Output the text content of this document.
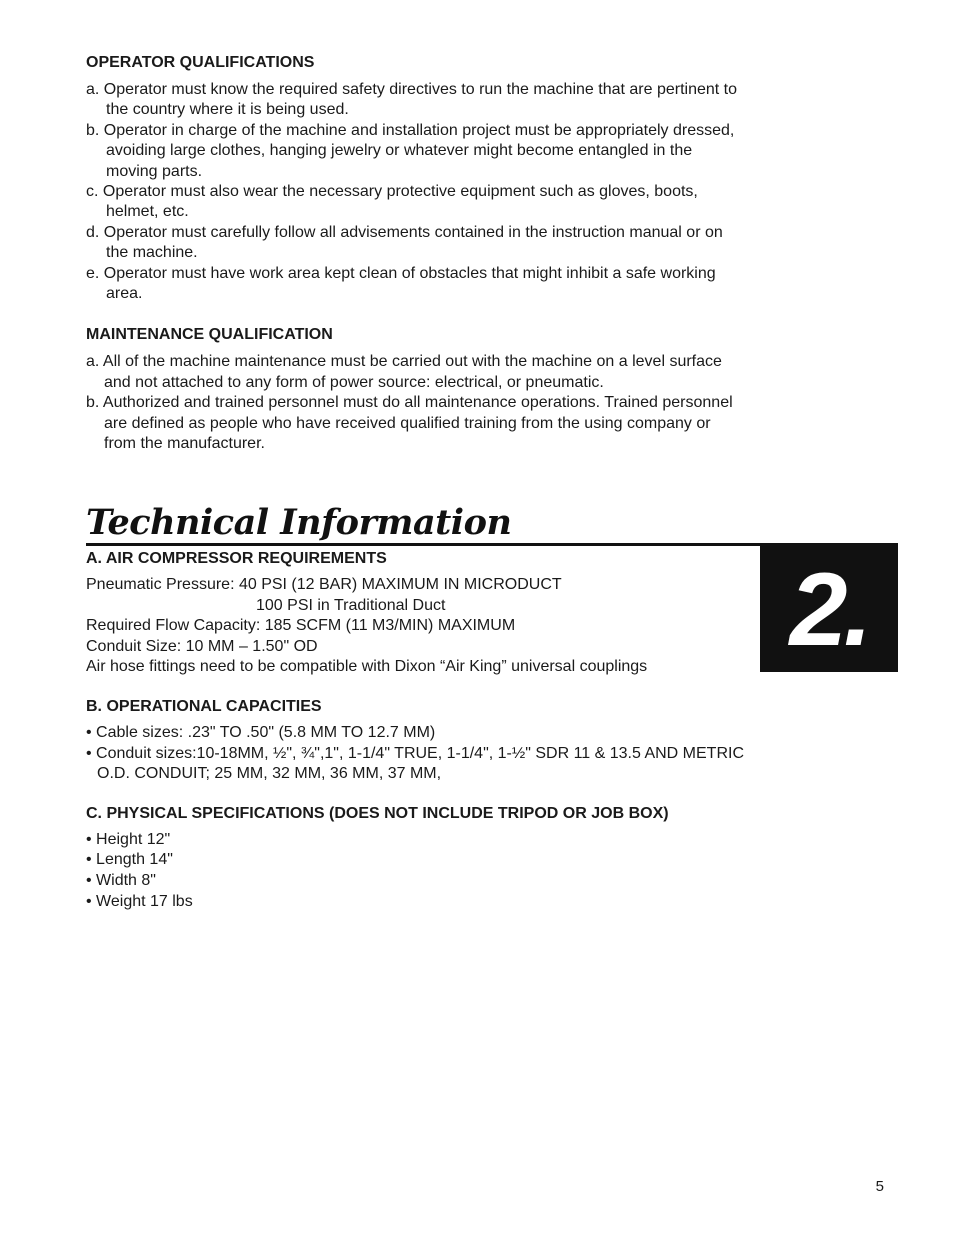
OPERATOR QUALIFICATIONS
a. Operator must know the required safety directives to run the machine that are pertinent to the country where it is being used.
b. Operator in charge of the machine and installation project must be appropriately dressed, avoiding large clothes, hanging jewelry or whatever might become entangled in the moving parts.
c. Operator must also wear the necessary protective equipment such as gloves, boots, helmet, etc.
d. Operator must carefully follow all advisements contained in the instruction manual or on the machine.
e. Operator must have work area kept clean of obstacles that might inhibit a safe working area.
MAINTENANCE QUALIFICATION
a. All of the machine maintenance must be carried out with the machine on a level surface and not attached to any form of power source: electrical, or pneumatic.
b. Authorized and trained personnel must do all maintenance operations. Trained personnel are defined as people who have received qualified training from the using company or from the manufacturer.
Technical Information
2.
A. AIR COMPRESSOR REQUIREMENTS
Pneumatic Pressure: 40 PSI (12 BAR) MAXIMUM IN MICRODUCT
100 PSI in Traditional Duct
Required Flow Capacity: 185 SCFM (11 M3/MIN) MAXIMUM
Conduit Size: 10 MM – 1.50" OD
Air hose fittings need to be compatible with Dixon “Air King” universal couplings
B. OPERATIONAL CAPACITIES
• Cable sizes: .23" TO .50" (5.8 MM TO 12.7 MM)
• Conduit sizes:10-18MM, ½", ¾",1", 1-1/4" TRUE, 1-1/4", 1-½" SDR 11 & 13.5 AND METRIC O.D. CONDUIT; 25 MM, 32 MM, 36 MM, 37 MM,
C. PHYSICAL SPECIFICATIONS (DOES NOT INCLUDE TRIPOD OR JOB BOX)
• Height 12"
• Length 14"
• Width 8"
• Weight 17 lbs
5
